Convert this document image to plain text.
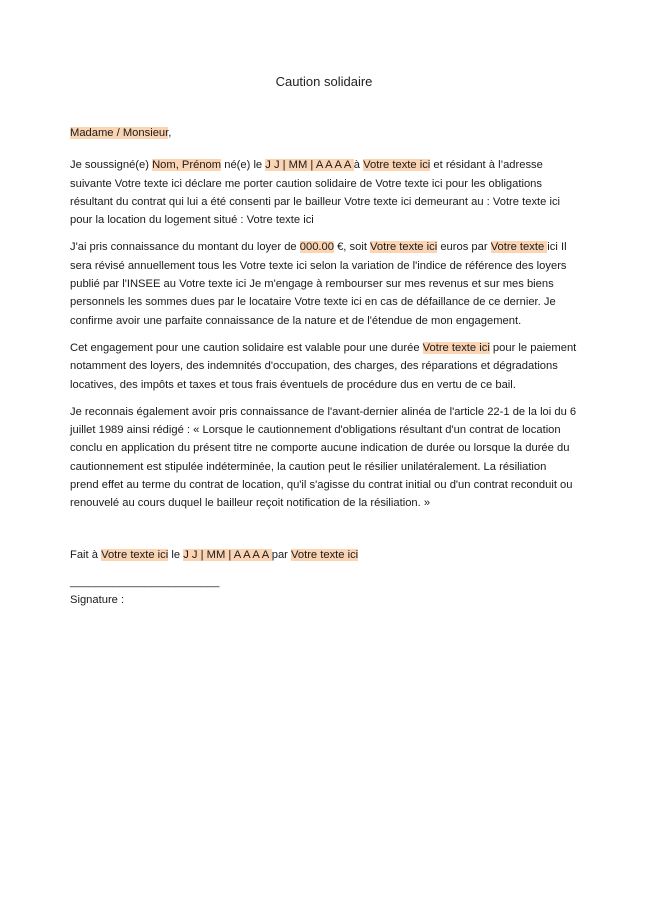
Caution solidaire

Madame / Monsieur,

Je soussigné(e) Nom, Prénom né(e) le J J | MM | A A A A à Votre texte ici et résidant à l’adresse suivante Votre texte ici déclare me porter caution solidaire de Votre texte ici pour les obligations résultant du contrat qui lui a été consenti par le bailleur Votre texte ici demeurant au : Votre texte ici pour la location du logement situé : Votre texte ici

J'ai pris connaissance du montant du loyer de 000.00 €, soit Votre texte ici euros par Votre texte ici Il sera révisé annuellement tous les Votre texte ici selon la variation de l'indice de référence des loyers publié par l'INSEE au Votre texte ici Je m'engage à rembourser sur mes revenus et sur mes biens personnels les sommes dues par le locataire Votre texte ici en cas de défaillance de ce dernier. Je confirme avoir une parfaite connaissance de la nature et de l'étendue de mon engagement.

Cet engagement pour une caution solidaire est valable pour une durée Votre texte ici pour le paiement notamment des loyers, des indemnités d'occupation, des charges, des réparations et dégradations locatives, des impôts et taxes et tous frais éventuels de procédure dus en vertu de ce bail.

Je reconnais également avoir pris connaissance de l'avant-dernier alinéa de l'article 22-1 de la loi du 6 juillet 1989 ainsi rédigé : « Lorsque le cautionnement d'obligations résultant d'un contrat de location conclu en application du présent titre ne comporte aucune indication de durée ou lorsque la durée du cautionnement est stipulée indéterminée, la caution peut le résilier unilatéralement. La résiliation prend effet au terme du contrat de location, qu'il s'agisse du contrat initial ou d'un contrat reconduit ou renouvelé au cours duquel le bailleur reçoit notification de la résiliation. »

Fait à Votre texte ici le J J | MM | A A A A par Votre texte ici

________________________

Signature :
